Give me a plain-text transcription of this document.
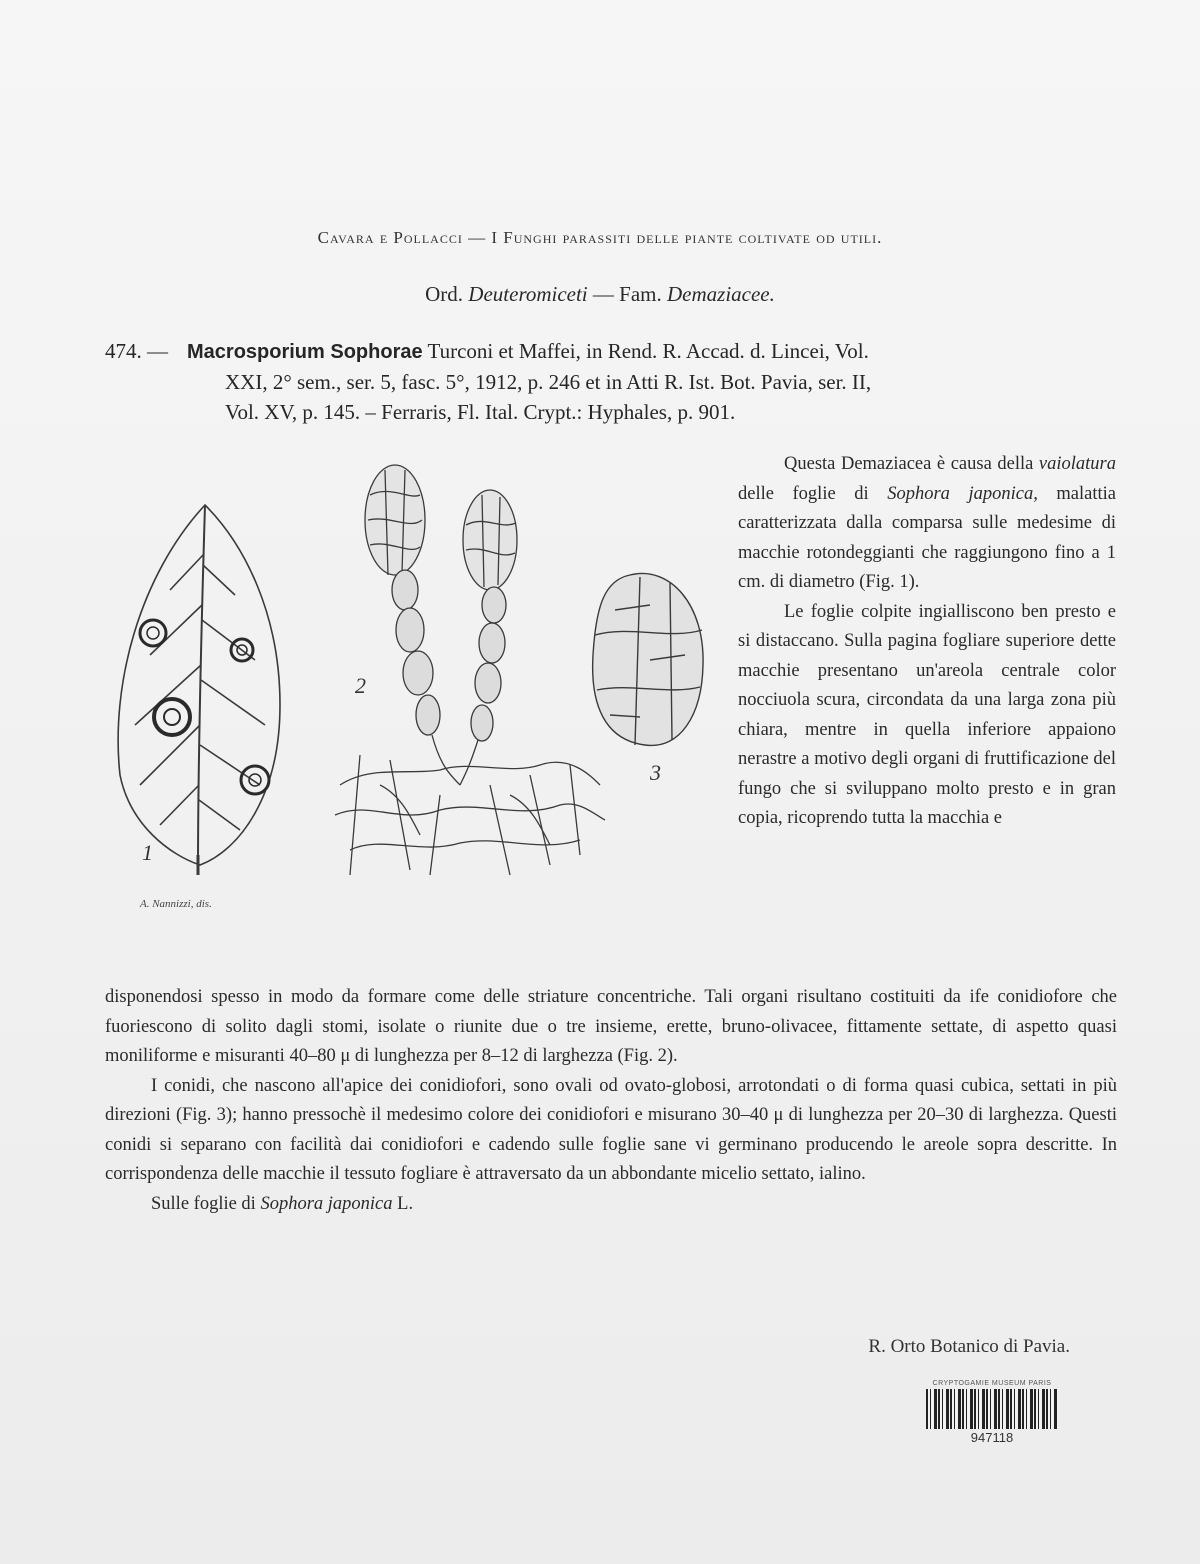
Cavara e Pollacci — I Funghi parassiti delle piante coltivate od utili.
Ord. Deuteromiceti — Fam. Demaziacee.
474. — Macrosporium Sophorae Turconi et Maffei, in Rend. R. Accad. d. Lincei, Vol.
XXI, 2° sem., ser. 5, fasc. 5°, 1912, p. 246 et in Atti R. Ist. Bot. Pavia, ser. II,
Vol. XV, p. 145. – Ferraris, Fl. Ital. Crypt.: Hyphales, p. 901.
1
2
3
A. Nannizzi, dis.

Questa Demaziacea è causa della vaiolatura delle foglie di Sophora japonica, malattia caratterizzata dalla comparsa sulle medesime di macchie rotondeggianti che raggiungono fino a 1 cm. di diametro (Fig. 1).

Le foglie colpite ingialliscono ben presto e si distaccano. Sulla pagina fogliare superiore dette macchie presentano un'areola centrale color nocciuola scura, circondata da una larga zona più chiara, mentre in quella inferiore appaiono nerastre a motivo degli organi di fruttificazione del fungo che si sviluppano molto presto e in gran copia, ricoprendo tutta la macchia e

disponendosi spesso in modo da formare come delle striature concentriche. Tali organi risultano costituiti da ife conidiofore che fuoriescono di solito dagli stomi, isolate o riunite due o tre insieme, erette, bruno-olivacee, fittamente settate, di aspetto quasi moniliforme e misuranti 40–80 μ di lunghezza per 8–12 di larghezza (Fig. 2).

I conidi, che nascono all'apice dei conidiofori, sono ovali od ovato-globosi, arrotondati o di forma quasi cubica, settati in più direzioni (Fig. 3); hanno pressochè il medesimo colore dei conidiofori e misurano 30–40 μ di lunghezza per 20–30 di larghezza. Questi conidi si separano con facilità dai conidiofori e cadendo sulle foglie sane vi germinano producendo le areole sopra descritte. In corrispondenza delle macchie il tessuto fogliare è attraversato da un abbondante micelio settato, ialino.

Sulle foglie di Sophora japonica L.

R. Orto Botanico di Pavia.
CRYPTOGAMIE MUSEUM PARIS
947118
